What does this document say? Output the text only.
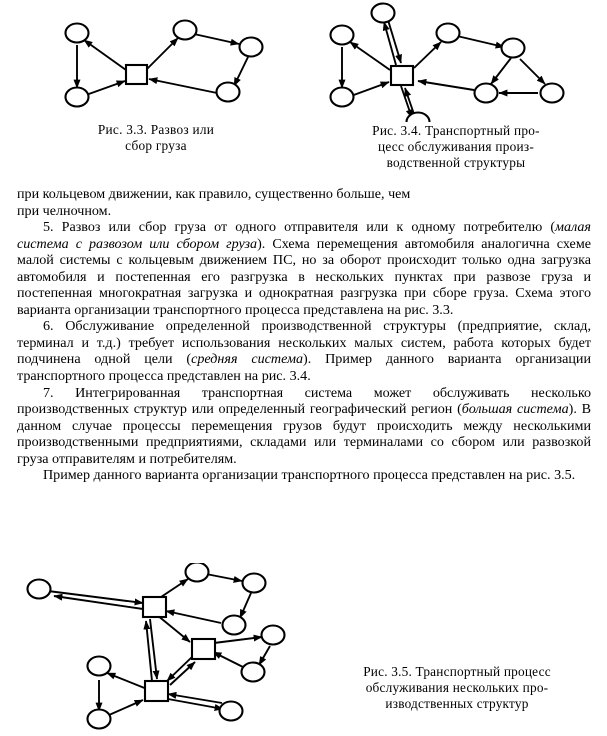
Рис. 3.3. Развоз или
сбор груза
Рис. 3.4. Транспортный про-
цесс обслуживания произ-
водственной структуры

при кольцевом движении, как правило, существенно больше, чем

при челночном.

5. Развоз или сбор груза от одного отправителя или к одному потребителю (малая система с развозом или сбором груза). Схема перемещения автомобиля аналогична схеме малой системы с кольцевым движением ПС, но за оборот происходит только одна загрузка автомобиля и постепенная его разгрузка в нескольких пунктах при развозе груза и постепенная многократная загрузка и однократная разгрузка при сборе груза. Схема этого варианта организации транспортного процесса представлена на рис. 3.3.

6. Обслуживание определенной производственной структуры (предприятие, склад, терминал и т.д.) требует использования нескольких малых систем, работа которых будет подчинена одной цели (средняя система). Пример данного варианта организации транспортного процесса представлен на рис. 3.4.

7. Интегрированная транспортная система может обслуживать несколько производственных структур или определенный географический регион (большая система). В данном случае процессы перемещения грузов будут происходить между несколькими производственными предприятиями, складами или терминалами со сбором или развозкой груза отправителям и потребителям.

Пример данного варианта организации транспортного процесса представлен на рис. 3.5.

Рис. 3.5. Транспортный процесс
обслуживания нескольких про-
изводственных структур
